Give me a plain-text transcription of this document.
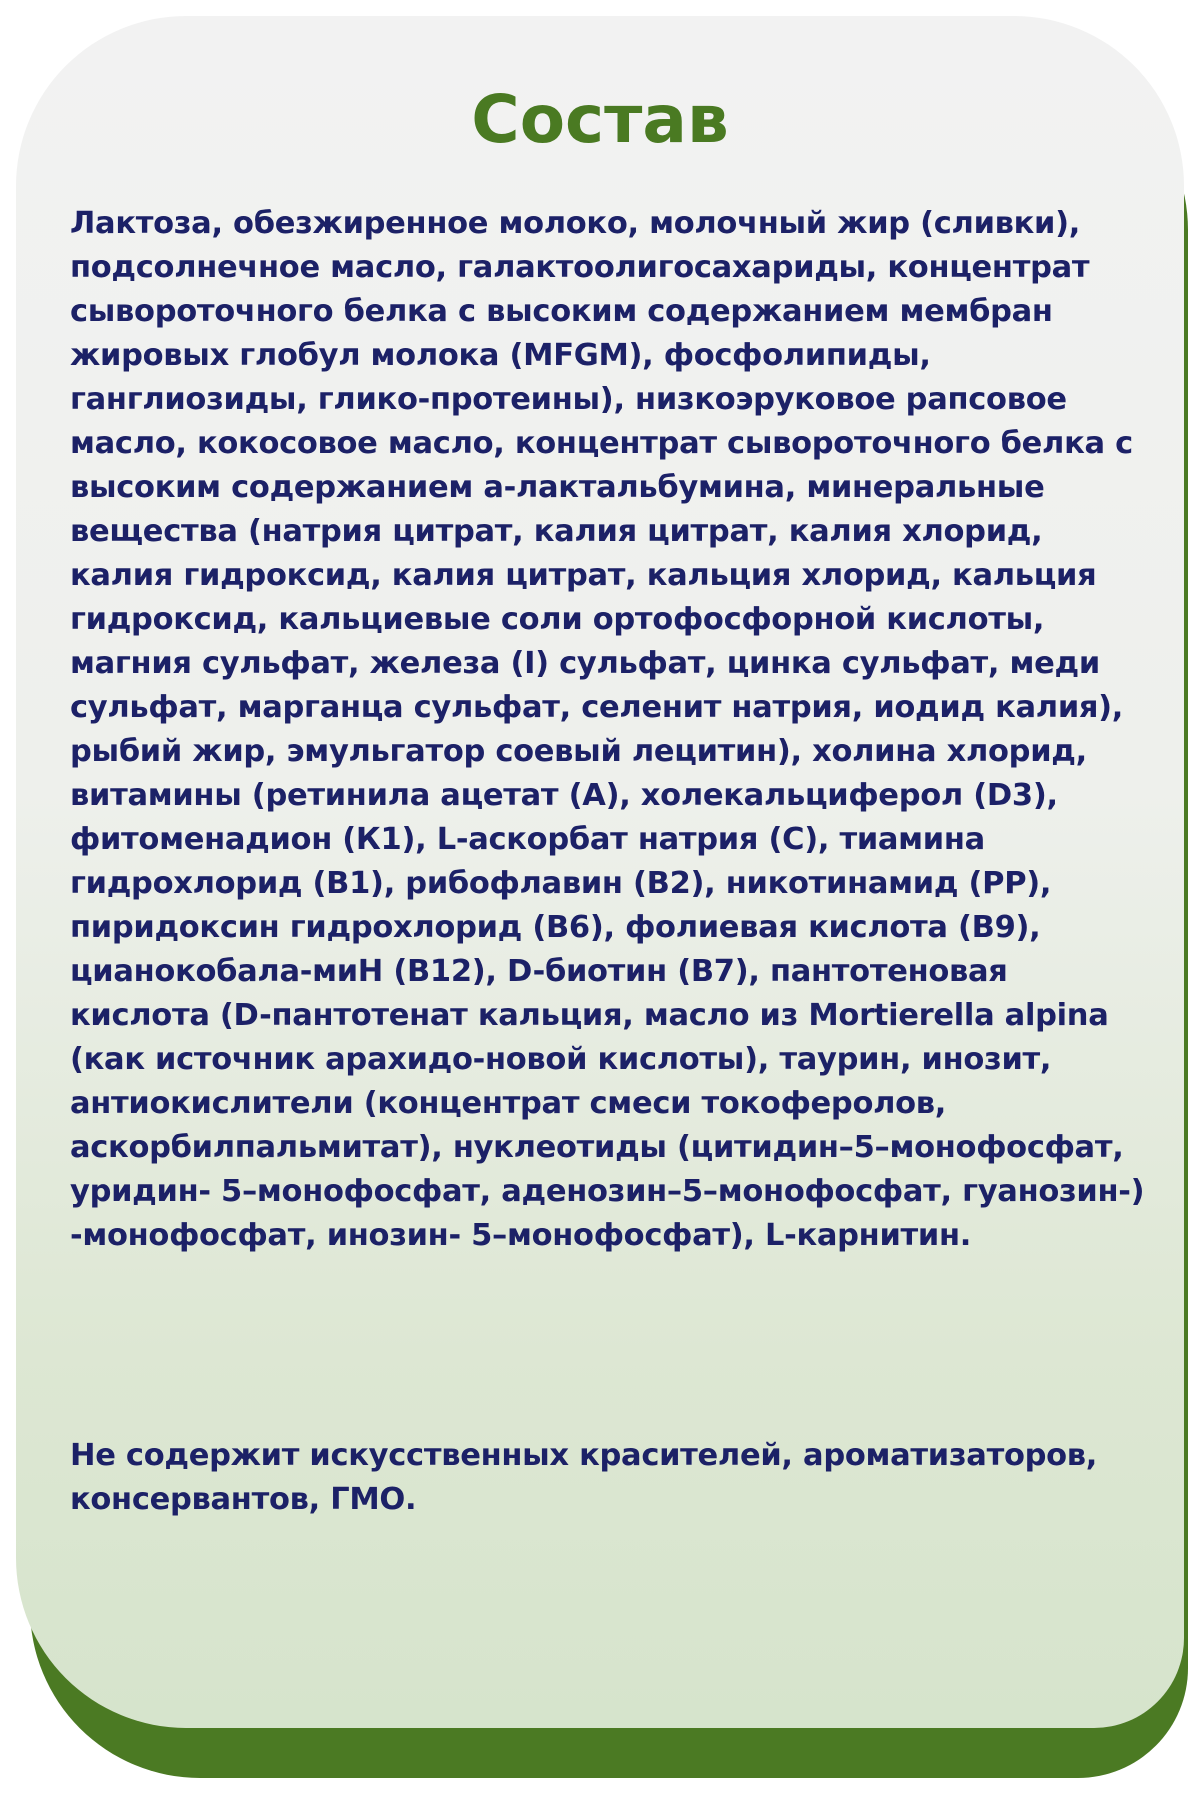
Состав

Лактоза, обезжиренное молоко, молочный жир (сливки), подсолнечное масло, галактоолигосахариды, концентрат сывороточного белка с высоким содержанием мембран жировых глобул молока (MFGM), фосфолипиды, ганглиозиды, глико-протеины), низкоэруковое рапсовое масло, кокосовое масло, концентрат сывороточного белка с высоким содержанием а-лактальбумина, минеральные вещества (натрия цитрат, калия цитрат, калия хлорид, калия гидроксид, калия цитрат, кальция хлорид, кальция гидроксид, кальциевые соли ортофосфорной кислоты, магния сульфат, железа (I) сульфат, цинка сульфат, меди сульфат, марганца сульфат, селенит натрия, иодид калия), рыбий жир, эмульгатор соевый лецитин), холина хлорид, витамины (ретинила ацетат (А), холекальциферол (D3), фитоменадион (К1), L-аскорбат натрия (С), тиамина гидрохлорид (В1), рибофлавин (В2), никотинамид (РР), пиридоксин гидрохлорид (В6), фолиевая кислота (В9), цианокобала-миН (В12), D-биотин (В7), пантотеновая кислота (D-пантотенат кальция, масло из Mortierella alpina (как источник арахидо-новой кислоты), таурин, инозит, антиокислители (концентрат смеси токоферолов, аскорбилпальмитат), нуклеотиды (цитидин–5–монофосфат, уридин- 5–монофосфат, аденозин–5–монофосфат, гуанозин-) -монофосфат, инозин- 5–монофосфат), L-карнитин.

Не содержит искусственных красителей, ароматизаторов, консервантов, ГМО.
